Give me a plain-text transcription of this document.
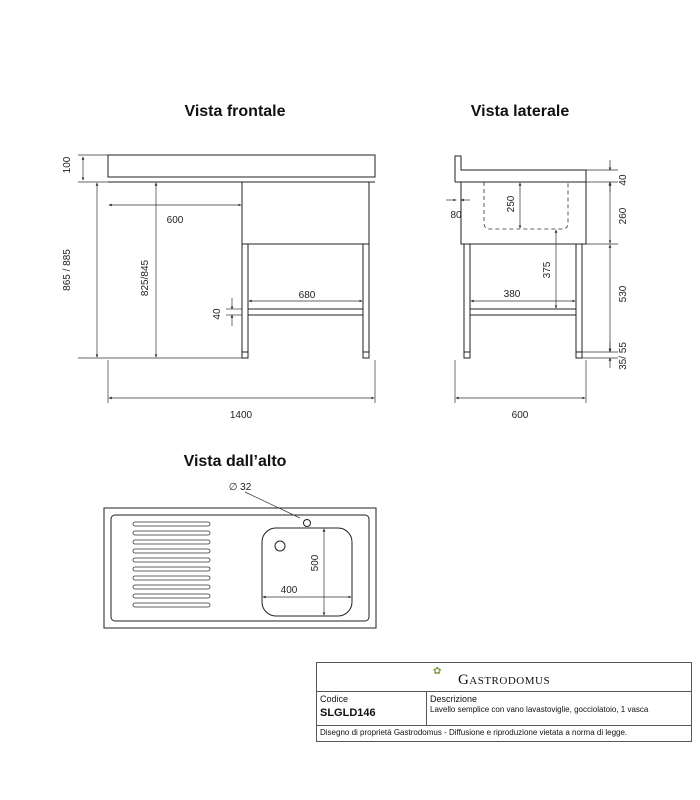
Vista frontale	Vista laterale
Vista dall’alto
100
865 / 885
600
825/845	680
40
1400
250
80
40
260
530
35/ 55
375
380
600
∅ 32
500
400
✿
Gastrodomus
Codice
SLGLD146
Descrizione
Lavello semplice con vano lavastoviglie, gocciolatoio, 1 vasca
Disegno di proprietà Gastrodomus - Diffusione e riproduzione vietata a norma di legge.
